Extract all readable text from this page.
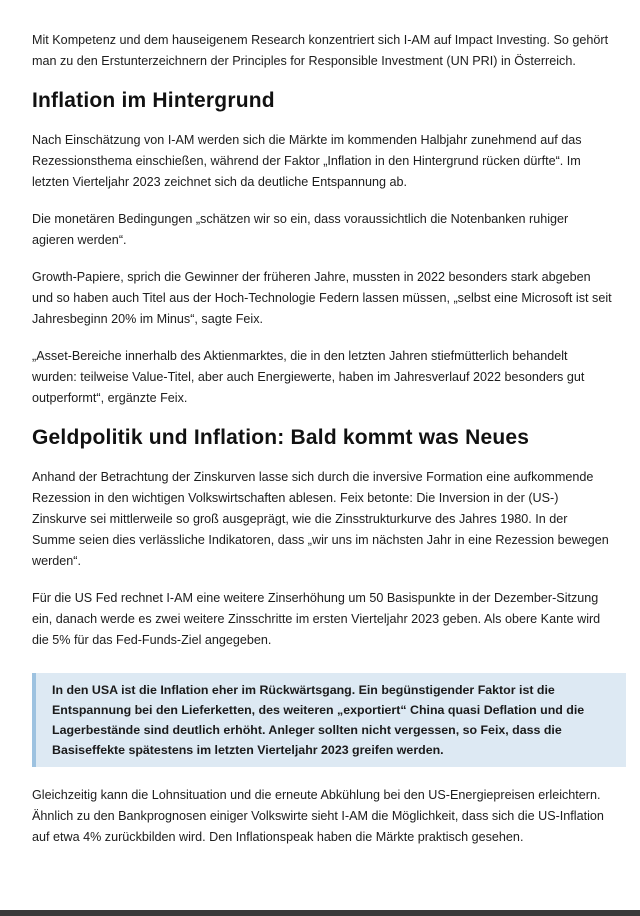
Mit Kompetenz und dem hauseigenem Research konzentriert sich I-AM auf Impact Investing. So gehört man zu den Erstunterzeichnern der Principles for Responsible Investment (UN PRI) in Österreich.

Inflation im Hintergrund

Nach Einschätzung von I-AM werden sich die Märkte im kommenden Halbjahr zunehmend auf das Rezessionsthema einschießen, während der Faktor „Inflation in den Hintergrund rücken dürfte“. Im letzten Vierteljahr 2023 zeichnet sich da deutliche Entspannung ab.

Die monetären Bedingungen „schätzen wir so ein, dass voraussichtlich die Notenbanken ruhiger agieren werden“.

Growth-Papiere, sprich die Gewinner der früheren Jahre, mussten in 2022 besonders stark abgeben und so haben auch Titel aus der Hoch-Technologie Federn lassen müssen, „selbst eine Microsoft ist seit Jahresbeginn 20% im Minus“, sagte Feix.

„Asset-Bereiche innerhalb des Aktienmarktes, die in den letzten Jahren stiefmütterlich behandelt wurden: teilweise Value-Titel, aber auch Energiewerte, haben im Jahresverlauf 2022 besonders gut outperformt“, ergänzte Feix.

Geldpolitik und Inflation: Bald kommt was Neues

Anhand der Betrachtung der Zinskurven lasse sich durch die inversive Formation eine aufkommende Rezession in den wichtigen Volkswirtschaften ablesen. Feix betonte: Die Inversion in der (US-) Zinskurve sei mittlerweile so groß ausgeprägt, wie die Zinsstrukturkurve des Jahres 1980. In der Summe seien dies verlässliche Indikatoren, dass „wir uns im nächsten Jahr in eine Rezession bewegen werden“.

Für die US Fed rechnet I-AM eine weitere Zinserhöhung um 50 Basispunkte in der Dezember-Sitzung ein, danach werde es zwei weitere Zinsschritte im ersten Vierteljahr 2023 geben. Als obere Kante wird die 5% für das Fed-Funds-Ziel angegeben.

In den USA ist die Inflation eher im Rückwärtsgang. Ein begünstigender Faktor ist die Entspannung bei den Lieferketten, des weiteren „exportiert“ China quasi Deflation und die Lagerbestände sind deutlich erhöht. Anleger sollten nicht vergessen, so Feix, dass die Basiseffekte spätestens im letzten Vierteljahr 2023 greifen werden.

Gleichzeitig kann die Lohnsituation und die erneute Abkühlung bei den US-Energiepreisen erleichtern. Ähnlich zu den Bankprognosen einiger Volkswirte sieht I-AM die Möglichkeit, dass sich die US-Inflation auf etwa 4% zurückbilden wird. Den Inflationspeak haben die Märkte praktisch gesehen.
